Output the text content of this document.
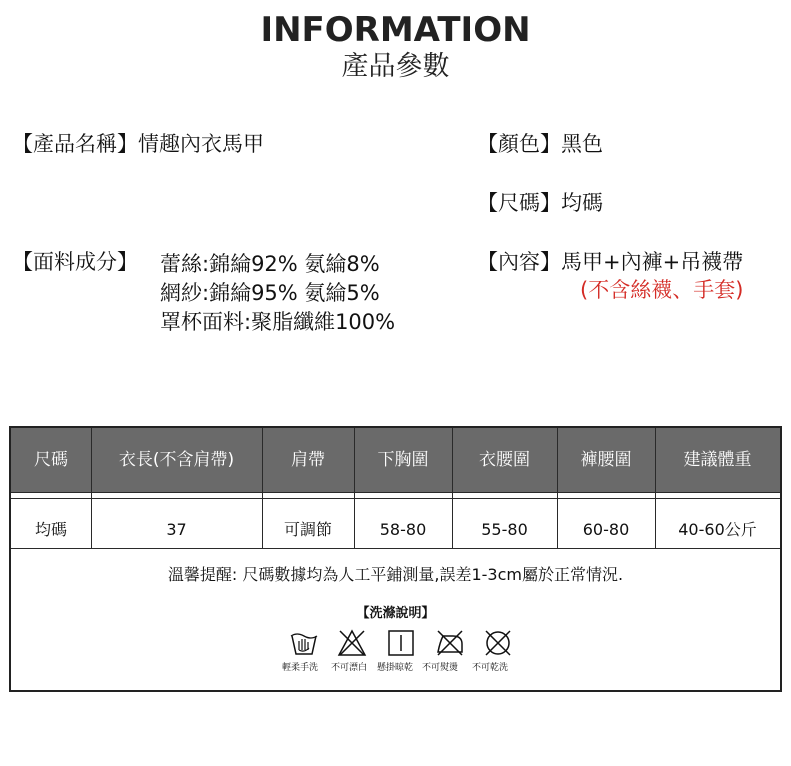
INFORMATION
產品參數
【產品名稱】情趣內衣馬甲	【顏色】黑色
【尺碼】均碼
【面料成分】 蕾絲:錦綸92% 氨綸8%
網紗:錦綸95% 氨綸5%
罩杯面料:聚脂纖維100%
【內容】馬甲+內褲+吊襪帶
(不含絲襪、手套)
尺碼	衣長(不含肩帶)	肩帶	下胸圍	衣腰圍	褲腰圍	建議體重
均碼	37	可調節	58-80	55-80	60-80	40-60公斤
溫馨提醒: 尺碼數據均為人工平鋪測量,誤差1-3cm屬於正常情況.
【洗滌說明】
輕柔手洗 不可漂白 懸掛晾乾 不可熨燙 不可乾洗
